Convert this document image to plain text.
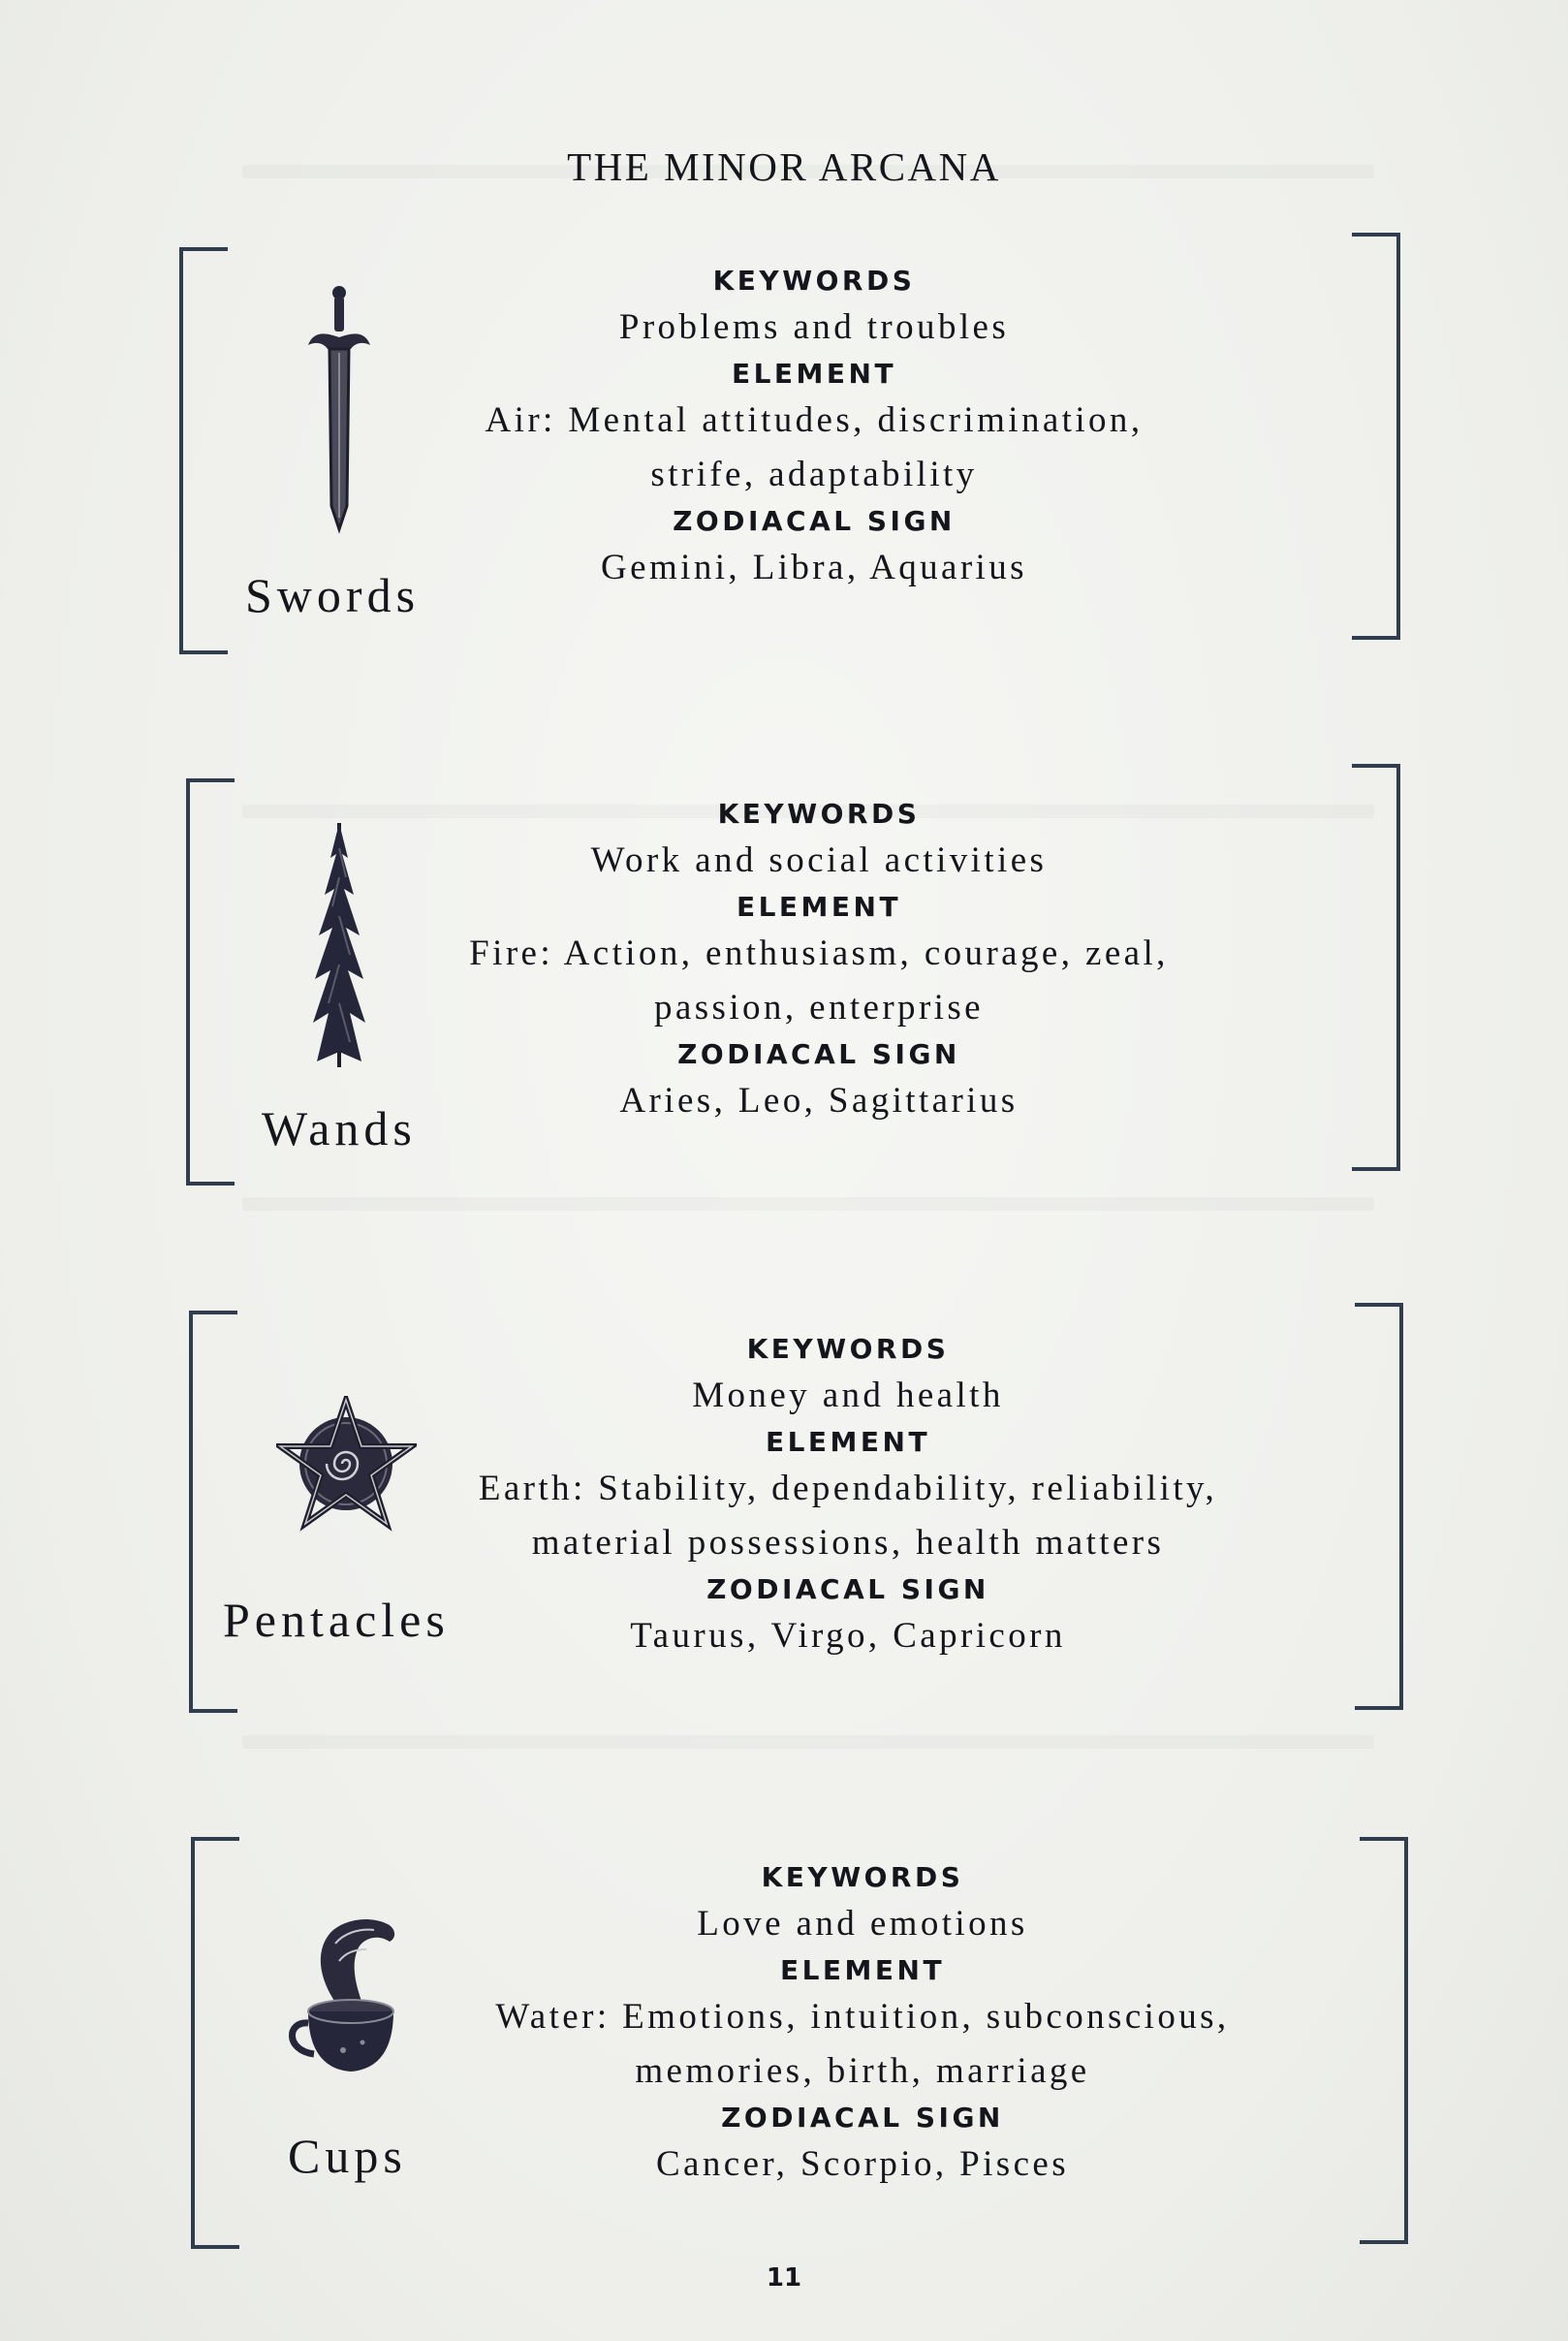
THE MINOR ARCANA
Swords
KEYWORDS
Problems and troubles
ELEMENT
Air: Mental attitudes, discrimination,
strife, adaptability
ZODIACAL SIGN
Gemini, Libra, Aquarius
Wands
KEYWORDS
Work and social activities
ELEMENT
Fire: Action, enthusiasm, courage, zeal,
passion, enterprise
ZODIACAL SIGN
Aries, Leo, Sagittarius
Pentacles
KEYWORDS
Money and health
ELEMENT
Earth: Stability, dependability, reliability,
material possessions, health matters
ZODIACAL SIGN
Taurus, Virgo, Capricorn
Cups
KEYWORDS
Love and emotions
ELEMENT
Water: Emotions, intuition, subconscious,
memories, birth, marriage
ZODIACAL SIGN
Cancer, Scorpio, Pisces
11
